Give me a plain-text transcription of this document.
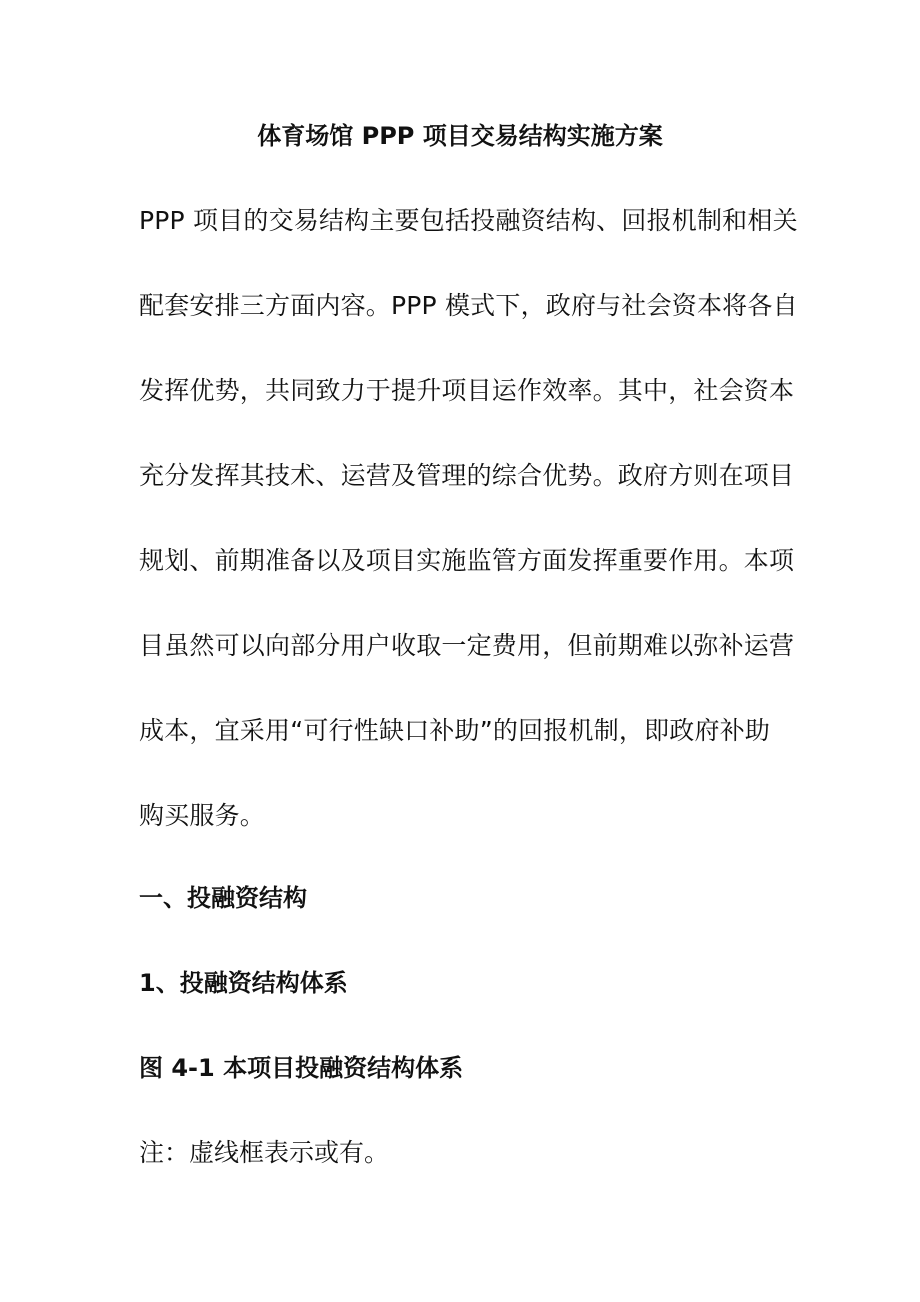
体育场馆 PPP 项目交易结构实施方案
PPP 项目的交易结构主要包括投融资结构、回报机制和相关
配套安排三方面内容。PPP 模式下，政府与社会资本将各自
发挥优势，共同致力于提升项目运作效率。其中，社会资本
充分发挥其技术、运营及管理的综合优势。政府方则在项目
规划、前期准备以及项目实施监管方面发挥重要作用。本项
目虽然可以向部分用户收取一定费用，但前期难以弥补运营
成本，宜采用“可行性缺口补助”的回报机制，即政府补助
购买服务。
一、投融资结构
1、投融资结构体系

图 4-1 本项目投融资结构体系

注：虚线框表示或有。
